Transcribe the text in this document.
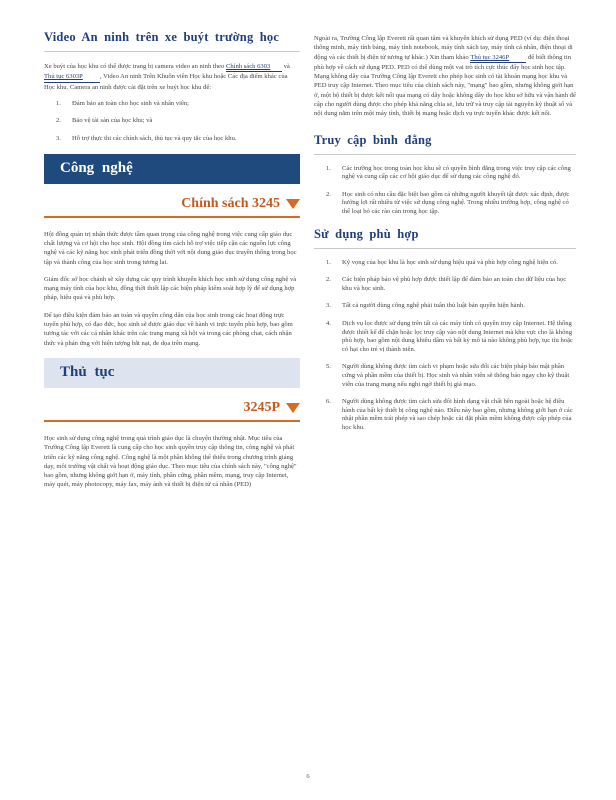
Video An ninh trên xe buýt trường học

Xe buýt của học khu có thể được trang bị camera video an ninh theo Chính sách 6303 và Thủ tục 6303P	, Video An ninh Trên Khuôn viên Học khu hoặc Các địa điểm khác của Học khu. Camera an ninh được cài đặt trên xe buýt học khu để:

1. Đảm bảo an toàn cho học sinh và nhân viên;
2. Bảo vệ tài sản của học khu; và
3. Hỗ trợ thực thi các chính sách, thủ tục và quy tắc của học khu.
Công nghệ
Chính sách 3245

Hội đồng quản trị nhận thức được tầm quan trọng của công nghệ trong việc cung cấp giáo dục chất lượng và cơ hội cho học sinh. Hội đồng tìm cách hỗ trợ việc tiếp cận các nguồn lực công nghệ và các kỹ năng học sinh phát triển đồng thời với nội dung giáo dục truyền thống trong học tập và thành công của học sinh trong tương lai.

Giám đốc sở học chánh sẽ xây dựng các quy trình khuyến khích học sinh sử dụng công nghệ và mạng máy tính của học khu, đồng thời thiết lập các biện pháp kiểm soát hợp lý để sử dụng hợp pháp, hiệu quả và phù hợp.

Để tạo điều kiện đảm bảo an toàn và quyền công dân của học sinh trong các hoạt động trực tuyến phù hợp, có đạo đức, học sinh sẽ được giáo dục về hành vi trực tuyến phù hợp, bao gồm tương tác với các cá nhân khác trên các trang mạng xã hội và trong các phòng chat, cách nhận thức và phản ứng với hiện tượng bắt nạt, đe dọa trên mạng.

Thủ tục
3245P

Học sinh sử dụng công nghệ trong quá trình giáo dục là chuyện thường nhật. Mục tiêu của Trường Công lập Everett là cung cấp cho học sinh quyền truy cập thông tin, công nghệ và phát triển các kỹ năng công nghệ. Công nghệ là một phần không thể thiếu trong chương trình giảng dạy, môi trường vật chất và hoạt động giáo dục. Theo mục tiêu của chính sách này, "công nghệ" bao gồm, nhưng không giới hạn ở, máy tính, phần cứng, phần mềm, mạng, truy cập Internet, máy quét, máy photocopy, máy fax, máy ảnh và thiết bị điện tử cá nhân (PED)

Ngoài ra, Trường Công lập Everett rất quan tâm và khuyến khích sử dụng PED (ví dụ: điện thoại thông minh, máy tính bảng, máy tính notebook, máy tính xách tay, máy tính cá nhân, điện thoại di động và các thiết bị điện tử tương tự khác.) Xin tham khảo Thủ tục 3246P	để biết thông tin phù hợp về cách sử dụng PED. PED có thể dùng một vai trò tích cực thúc đẩy học sinh học tập. Mạng không dây của Trường Công lập Everett cho phép học sinh có tài khoản mạng học khu và PED truy cập Internet. Theo mục tiêu của chính sách này, "mạng" bao gồm, nhưng không giới hạn ở, một bộ thiết bị được kết nối qua mạng có dây hoặc không dây do học khu sở hữu và vận hành để cập cho người dùng được cho phép khả năng chia sẻ, lưu trữ và truy cập tài nguyên kỹ thuật số và nội dung nằm trên một máy tính, thiết bị mạng hoặc dịch vụ trực tuyến khác được kết nối.

Truy cập bình đẳng
1. Các trường học trong toàn học khu sẽ có quyền bình đẳng trong việc truy cập các công nghệ và cung cấp các cơ hội giáo dục để sử dụng các công nghệ đó.
2. Học sinh có nhu cầu đặc biệt bao gồm cả những người khuyết tật được xác định, được hướng lợi rất nhiều từ việc sử dụng công nghệ. Trong nhiều trường hợp, công nghệ có thể loại bỏ các rào cản trong học tập.
Sử dụng phù hợp
1. Kỹ vọng của học khu là học sinh sử dụng hiệu quả và phù hợp công nghệ hiện có.
2. Các biện pháp bảo vệ phù hợp được thiết lập để đảm bảo an toàn cho dữ liệu của học khu và học sinh.
3. Tất cả người dùng công nghệ phải tuân thủ luật bản quyền hiện hành.
4. Dịch vụ lọc được sử dụng trên tất cả các máy tính có quyền truy cập Internet. Hệ thống được thiết kế để chặn hoặc lọc truy cập vào nội dung Internet mà khu vực cho là không phù hợp, bao gồm nội dung khiêu dâm và bất kỳ mô tả nào không phù hợp, tục tĩu hoặc có hại cho trẻ vị thành niên.
5. Người dùng không được tìm cách vi phạm hoặc sửa đổi các biện pháp bảo mật phần cứng và phần mềm của thiết bị. Học sinh và nhân viên sẽ thông báo ngay cho kỹ thuật viên của trang mạng nếu nghi ngờ thiết bị giả mạo.
6. Người dùng không được tìm cách sửa đổi hình dạng vật chất bên ngoài hoặc hệ điều hành của bất kỳ thiết bị công nghệ nào. Điều này bao gồm, nhưng không giới hạn ở các nhật phần mềm trái phép và sao chép hoặc cài đặt phần mềm không được cấp phép của học khu.
6
